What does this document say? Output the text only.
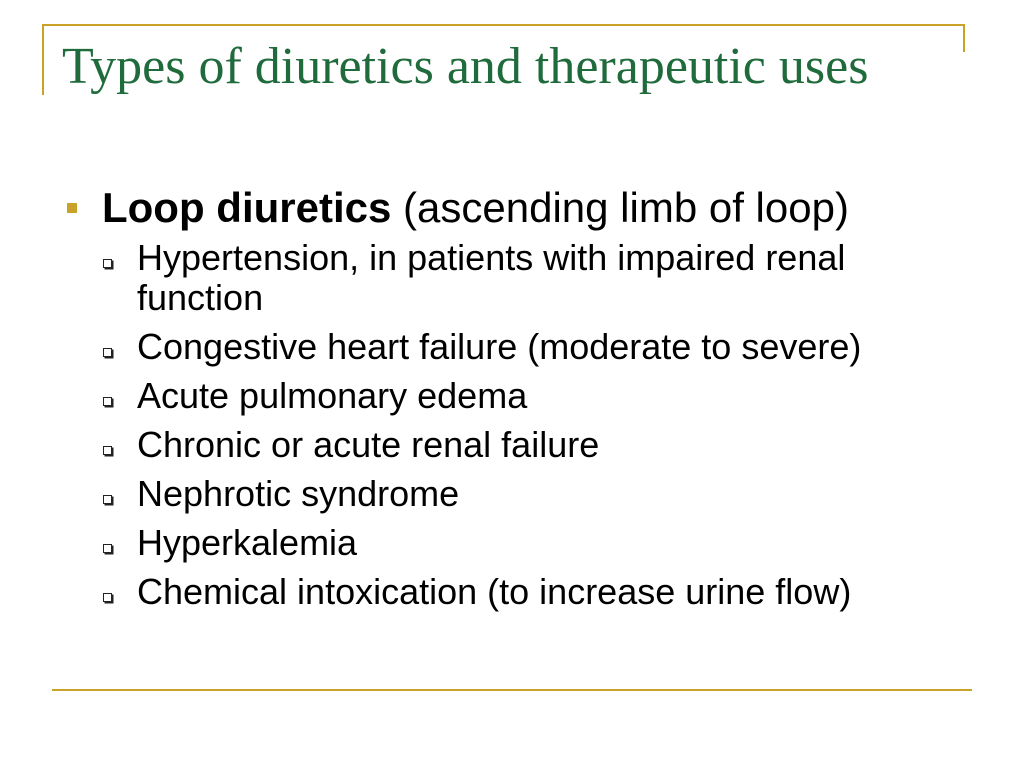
Types of diuretics and therapeutic uses
Loop diuretics (ascending limb of loop)
Hypertension, in patients with impaired renal function
Congestive heart failure (moderate to severe)
Acute pulmonary edema
Chronic or acute renal failure
Nephrotic syndrome
Hyperkalemia
Chemical intoxication (to increase urine flow)
